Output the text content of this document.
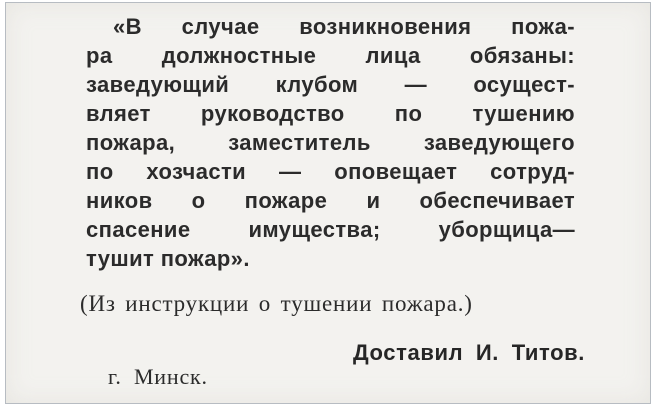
«В случае возникновения пожа-
ра должностные лица обязаны:
заведующий клубом — осущест-
вляет руководство по тушению
пожара, заместитель заведующего
по хозчасти — оповещает сотруд-
ников о пожаре и обеспечивает
спасение имущества; уборщица—
тушит пожар».
(Из инструкции о тушении пожара.)
Доставил И. Титов.
г. Минск.
